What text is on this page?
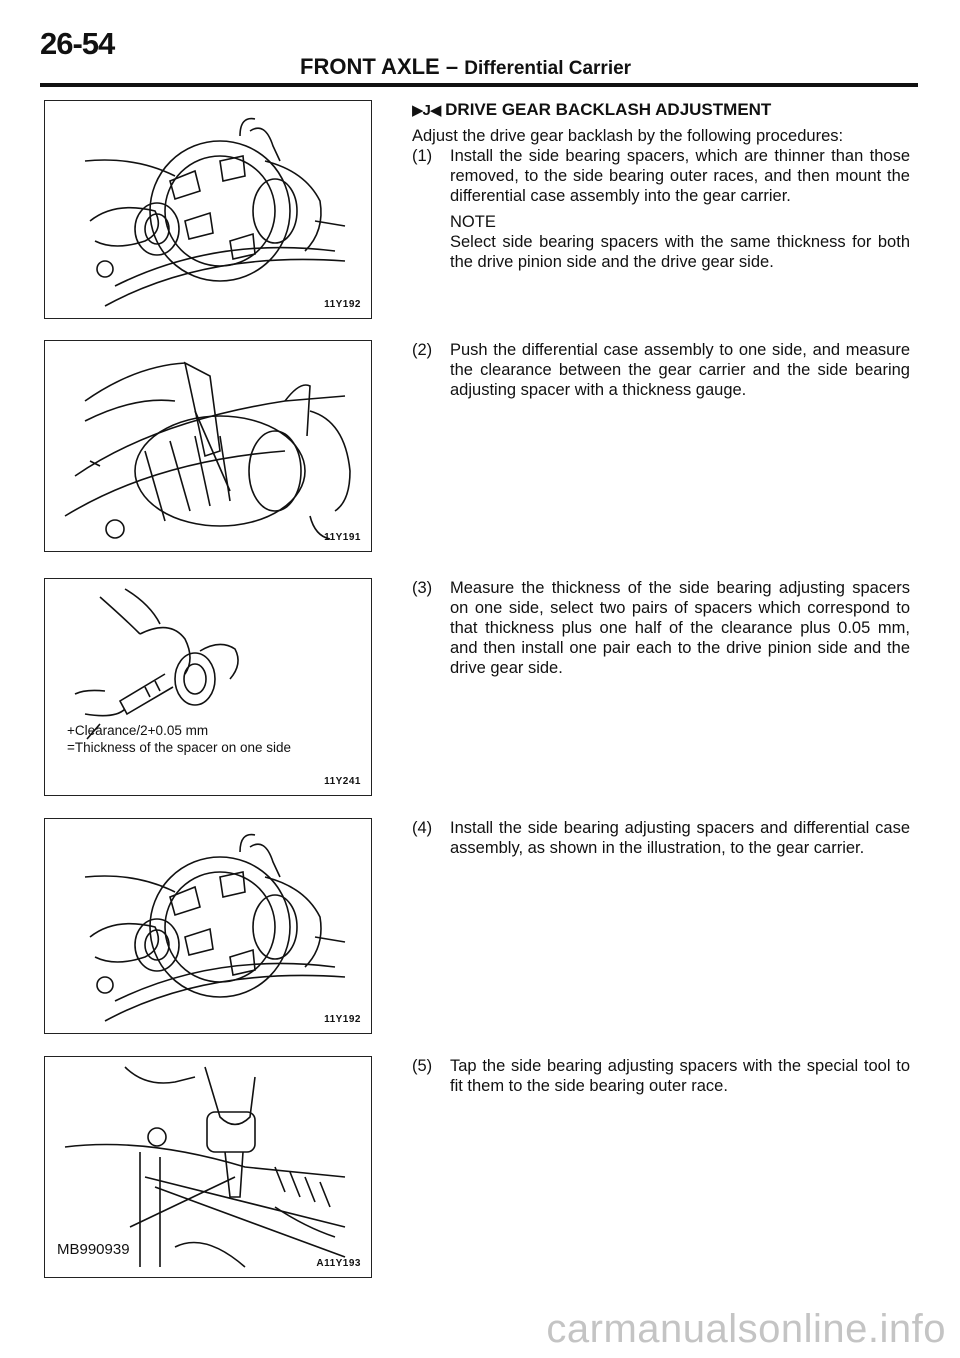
26-54
FRONT AXLE – Differential Carrier
11Y192
11Y191
+Clearance/2+0.05 mm
=Thickness of the spacer on one side
11Y241
11Y192
MB990939
A11Y193

▶J◀ DRIVE GEAR BACKLASH ADJUSTMENT

Adjust the drive gear backlash by the following procedures:

(1)	Install the side bearing spacers, which are thinner than those removed, to the side bearing outer races, and then mount the differential case assembly into the gear carrier.

NOTE

Select side bearing spacers with the same thickness for both the drive pinion side and the drive gear side.

(2)	Push the differential case assembly to one side, and measure the clearance between the gear carrier and the side bearing adjusting spacer with a thickness gauge.
(3)	Measure the thickness of the side bearing adjusting spacers on one side, select two pairs of spacers which correspond to that thickness plus one half of the clearance plus 0.05 mm, and then install one pair each to the drive pinion side and the drive gear side.
(4)	Install the side bearing adjusting spacers and differential case assembly, as shown in the illustration, to the gear carrier.
(5)	Tap the side bearing adjusting spacers with the special tool to fit them to the side bearing outer race.
carmanualsonline.info
